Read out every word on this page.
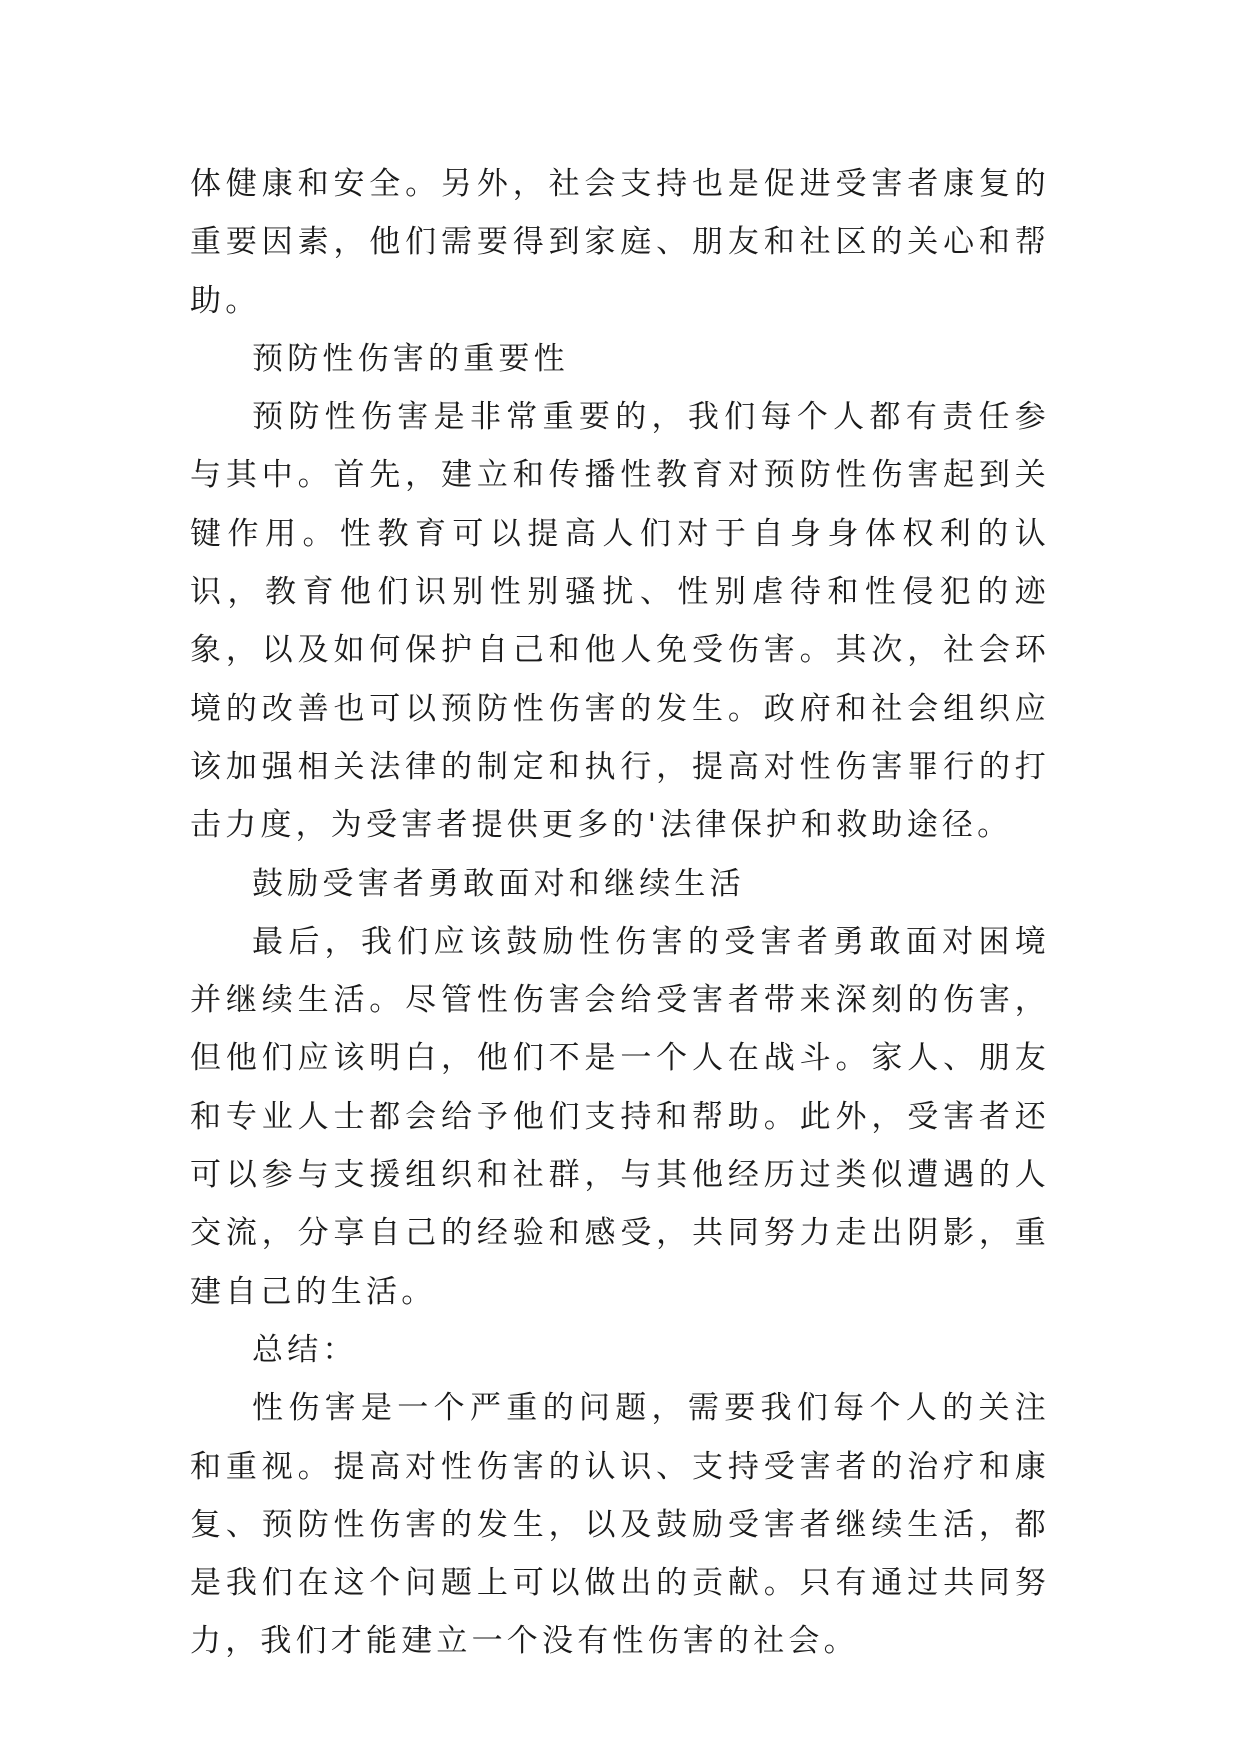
体健康和安全。另外，社会支持也是促进受害者康复的重要因素，他们需要得到家庭、朋友和社区的关心和帮助。

预防性伤害的重要性

预防性伤害是非常重要的，我们每个人都有责任参与其中。首先，建立和传播性教育对预防性伤害起到关键作用。性教育可以提高人们对于自身身体权利的认识，教育他们识别性别骚扰、性别虐待和性侵犯的迹象，以及如何保护自己和他人免受伤害。其次，社会环境的改善也可以预防性伤害的发生。政府和社会组织应该加强相关法律的制定和执行，提高对性伤害罪行的打击力度，为受害者提供更多的'法律保护和救助途径。

鼓励受害者勇敢面对和继续生活

最后，我们应该鼓励性伤害的受害者勇敢面对困境并继续生活。尽管性伤害会给受害者带来深刻的伤害，但他们应该明白，他们不是一个人在战斗。家人、朋友和专业人士都会给予他们支持和帮助。此外，受害者还可以参与支援组织和社群，与其他经历过类似遭遇的人交流，分享自己的经验和感受，共同努力走出阴影，重建自己的生活。

总结：

性伤害是一个严重的问题，需要我们每个人的关注和重视。提高对性伤害的认识、支持受害者的治疗和康复、预防性伤害的发生，以及鼓励受害者继续生活，都是我们在这个问题上可以做出的贡献。只有通过共同努力，我们才能建立一个没有性伤害的社会。
